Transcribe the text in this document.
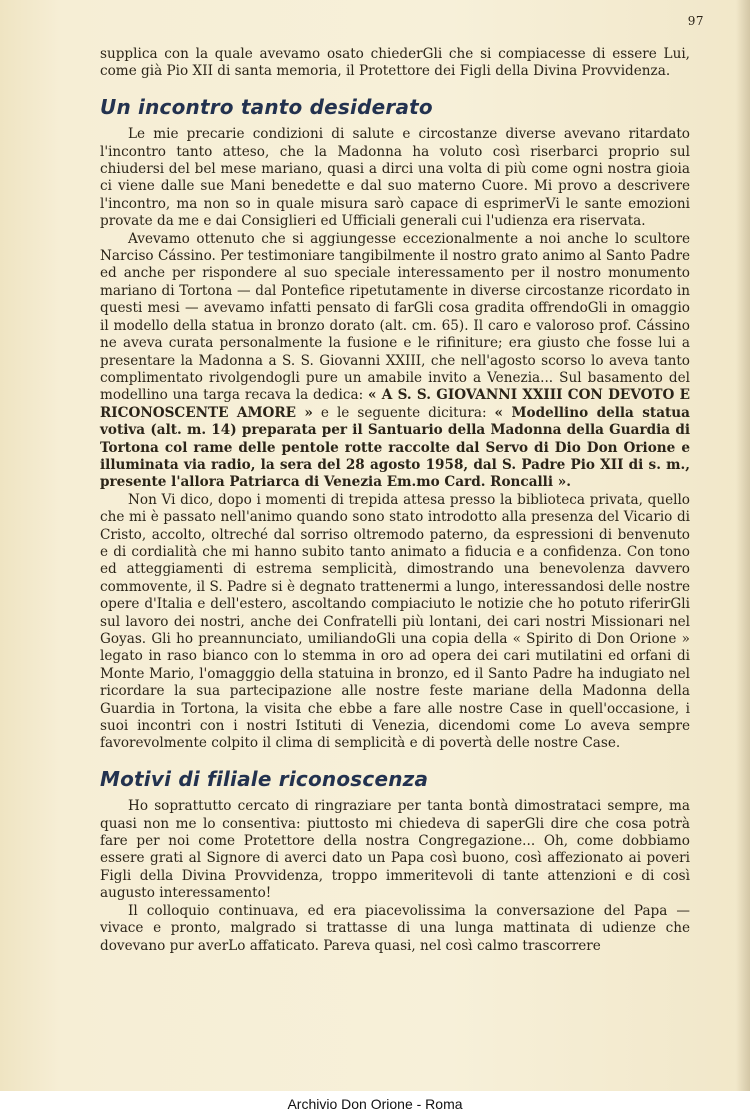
97

supplica con la quale avevamo osato chiederGli che si compiacesse di essere Lui, come già Pio XII di santa memoria, il Protettore dei Figli della Divina Provvidenza.

Un incontro tanto desiderato

Le mie precarie condizioni di salute e circostanze diverse avevano ritardato l'incontro tanto atteso, che la Madonna ha voluto così riserbarci proprio sul chiudersi del bel mese mariano, quasi a dirci una volta di più come ogni nostra gioia ci viene dalle sue Mani benedette e dal suo materno Cuore. Mi provo a descrivere l'incontro, ma non so in quale misura sarò capace di esprimerVi le sante emozioni provate da me e dai Consiglieri ed Ufficiali generali cui l'udienza era riservata.

Avevamo ottenuto che si aggiungesse eccezionalmente a noi anche lo scultore Narciso Cássino. Per testimoniare tangibilmente il nostro grato animo al Santo Padre ed anche per rispondere al suo speciale interessamento per il nostro monumento mariano di Tortona — dal Pontefice ripetutamente in diverse circostanze ricordato in questi mesi — avevamo infatti pensato di farGli cosa gradita offrendoGli in omaggio il modello della statua in bronzo dorato (alt. cm. 65). Il caro e valoroso prof. Cássino ne aveva curata personalmente la fusione e le rifiniture; era giusto che fosse lui a presentare la Madonna a S. S. Giovanni XXIII, che nell'agosto scorso lo aveva tanto complimentato rivolgendogli pure un amabile invito a Venezia... Sul basamento del modellino una targa recava la dedica: « A S. S. GIOVANNI XXIII CON DEVOTO E RICONOSCENTE AMORE » e le seguente dicitura: « Modellino della statua votiva (alt. m. 14) preparata per il Santuario della Madonna della Guardia di Tortona col rame delle pentole rotte raccolte dal Servo di Dio Don Orione e illuminata via radio, la sera del 28 agosto 1958, dal S. Padre Pio XII di s. m., presente l'allora Patriarca di Venezia Em.mo Card. Roncalli ».

Non Vi dico, dopo i momenti di trepida attesa presso la biblioteca privata, quello che mi è passato nell'animo quando sono stato introdotto alla presenza del Vicario di Cristo, accolto, oltreché dal sorriso oltremodo paterno, da espressioni di benvenuto e di cordialità che mi hanno subito tanto animato a fiducia e a confidenza. Con tono ed atteggiamenti di estrema semplicità, dimostrando una benevolenza davvero commovente, il S. Padre si è degnato trattenermi a lungo, interessandosi delle nostre opere d'Italia e dell'estero, ascoltando compiaciuto le notizie che ho potuto riferirGli sul lavoro dei nostri, anche dei Confratelli più lontani, dei cari nostri Missionari nel Goyas. Gli ho preannunciato, umiliandoGli una copia della « Spirito di Don Orione » legato in raso bianco con lo stemma in oro ad opera dei cari mutilatini ed orfani di Monte Mario, l'omagggio della statuina in bronzo, ed il Santo Padre ha indugiato nel ricordare la sua partecipazione alle nostre feste mariane della Madonna della Guardia in Tortona, la visita che ebbe a fare alle nostre Case in quell'occasione, i suoi incontri con i nostri Istituti di Venezia, dicendomi come Lo aveva sempre favorevolmente colpito il clima di semplicità e di povertà delle nostre Case.

Motivi di filiale riconoscenza

Ho soprattutto cercato di ringraziare per tanta bontà dimostrataci sempre, ma quasi non me lo consentiva: piuttosto mi chiedeva di saperGli dire che cosa potrà fare per noi come Protettore della nostra Congregazione... Oh, come dobbiamo essere grati al Signore di averci dato un Papa così buono, così affezionato ai poveri Figli della Divina Provvidenza, troppo immeritevoli di tante attenzioni e di così augusto interessamento!

Il colloquio continuava, ed era piacevolissima la conversazione del Papa — vivace e pronto, malgrado si trattasse di una lunga mattinata di udienze che dovevano pur averLo affaticato. Pareva quasi, nel così calmo trascorrere

Archivio Don Orione - Roma
